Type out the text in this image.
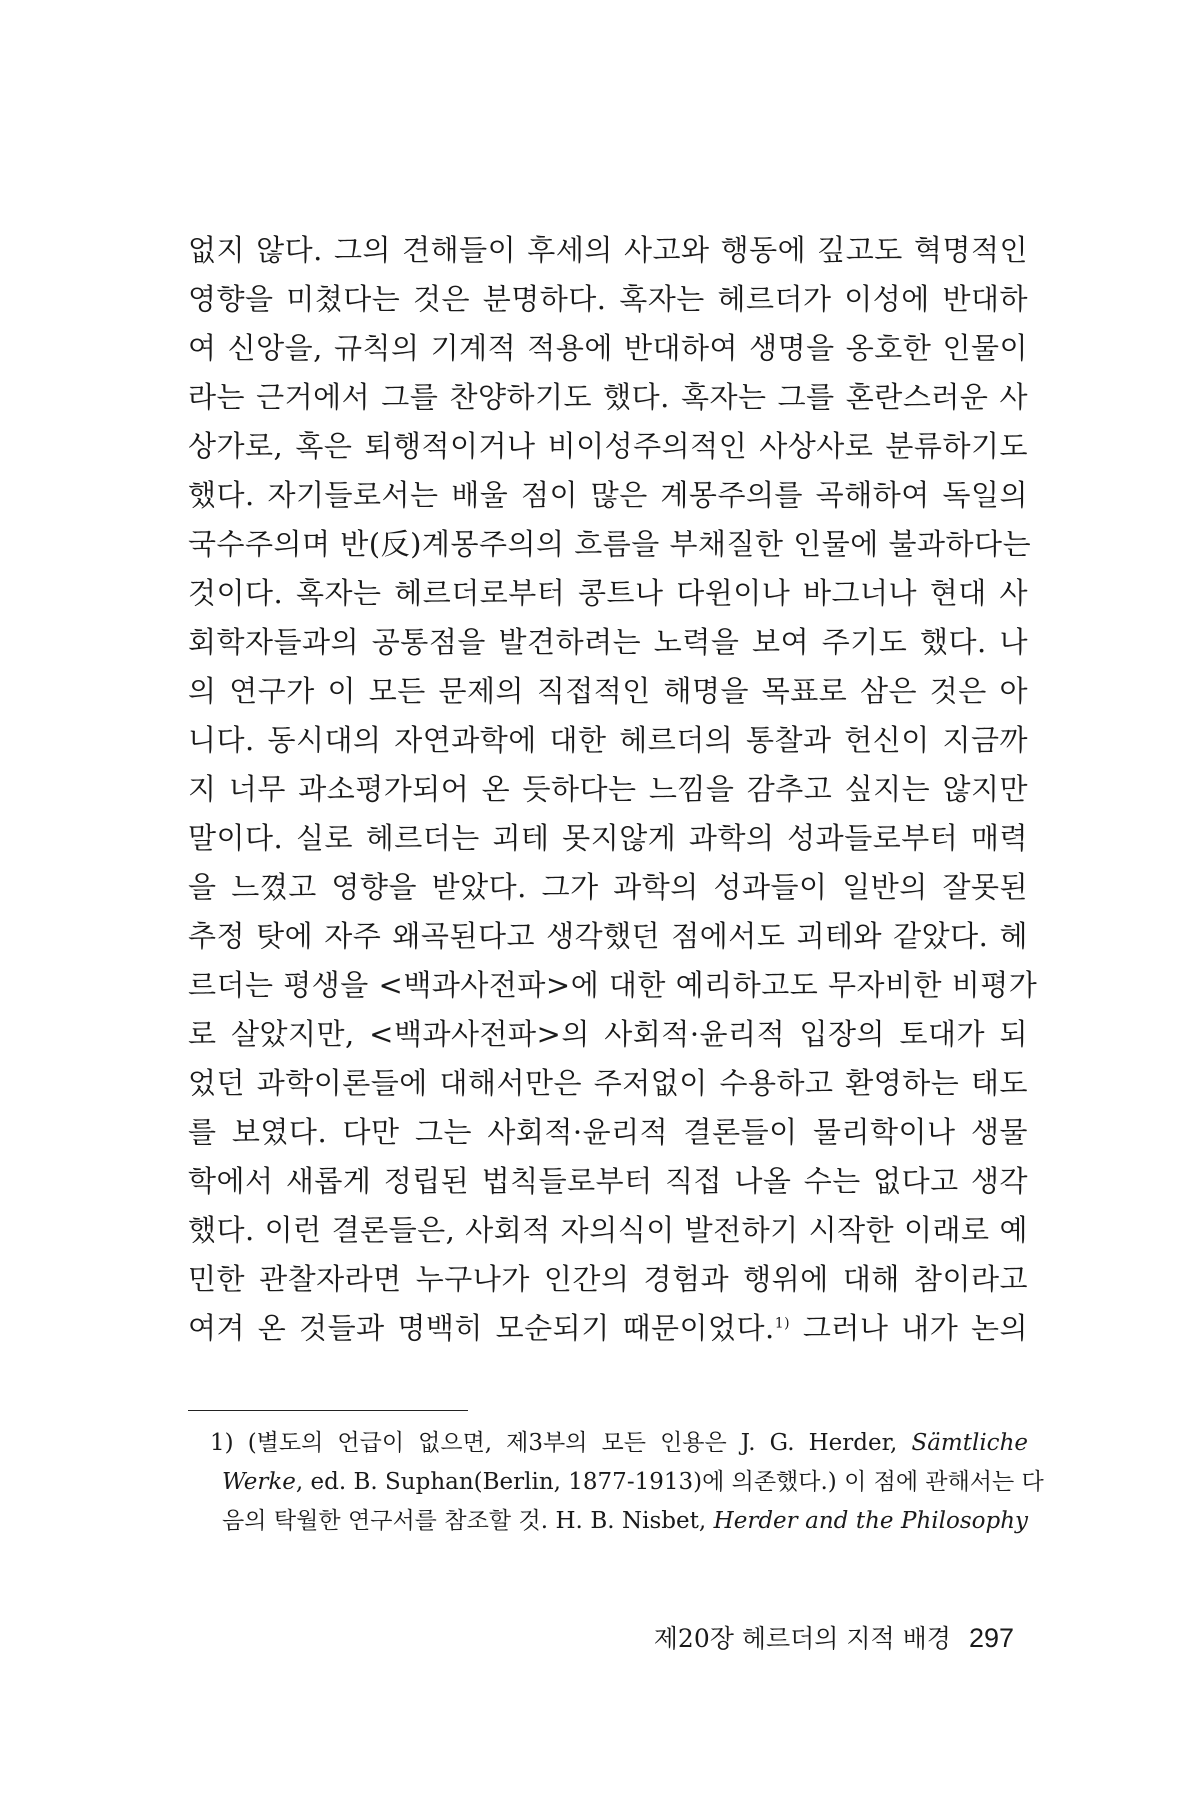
없지 않다. 그의 견해들이 후세의 사고와 행동에 깊고도 혁명적인
영향을 미쳤다는 것은 분명하다. 혹자는 헤르더가 이성에 반대하
여 신앙을, 규칙의 기계적 적용에 반대하여 생명을 옹호한 인물이
라는 근거에서 그를 찬양하기도 했다. 혹자는 그를 혼란스러운 사
상가로, 혹은 퇴행적이거나 비이성주의적인 사상사로 분류하기도
했다. 자기들로서는 배울 점이 많은 계몽주의를 곡해하여 독일의
국수주의며 반(反)계몽주의의 흐름을 부채질한 인물에 불과하다는
것이다. 혹자는 헤르더로부터 콩트나 다윈이나 바그너나 현대 사
회학자들과의 공통점을 발견하려는 노력을 보여 주기도 했다. 나
의 연구가 이 모든 문제의 직접적인 해명을 목표로 삼은 것은 아
니다. 동시대의 자연과학에 대한 헤르더의 통찰과 헌신이 지금까
지 너무 과소평가되어 온 듯하다는 느낌을 감추고 싶지는 않지만
말이다. 실로 헤르더는 괴테 못지않게 과학의 성과들로부터 매력
을 느꼈고 영향을 받았다. 그가 과학의 성과들이 일반의 잘못된
추정 탓에 자주 왜곡된다고 생각했던 점에서도 괴테와 같았다. 헤
르더는 평생을 <백과사전파>에 대한 예리하고도 무자비한 비평가
로 살았지만, <백과사전파>의 사회적·윤리적 입장의 토대가 되
었던 과학이론들에 대해서만은 주저없이 수용하고 환영하는 태도
를 보였다. 다만 그는 사회적·윤리적 결론들이 물리학이나 생물
학에서 새롭게 정립된 법칙들로부터 직접 나올 수는 없다고 생각
했다. 이런 결론들은, 사회적 자의식이 발전하기 시작한 이래로 예
민한 관찰자라면 누구나가 인간의 경험과 행위에 대해 참이라고
여겨 온 것들과 명백히 모순되기 때문이었다.$^{1)}$ 그러나 내가 논의
1) (별도의 언급이 없으면, 제3부의 모든 인용은 J. G. Herder, Sämtliche
Werke, ed. B. Suphan(Berlin, 1877-1913)에 의존했다.) 이 점에 관해서는 다
음의 탁월한 연구서를 참조할 것. H. B. Nisbet, Herder and the Philosophy
제20장 헤르더의 지적 배경 297
